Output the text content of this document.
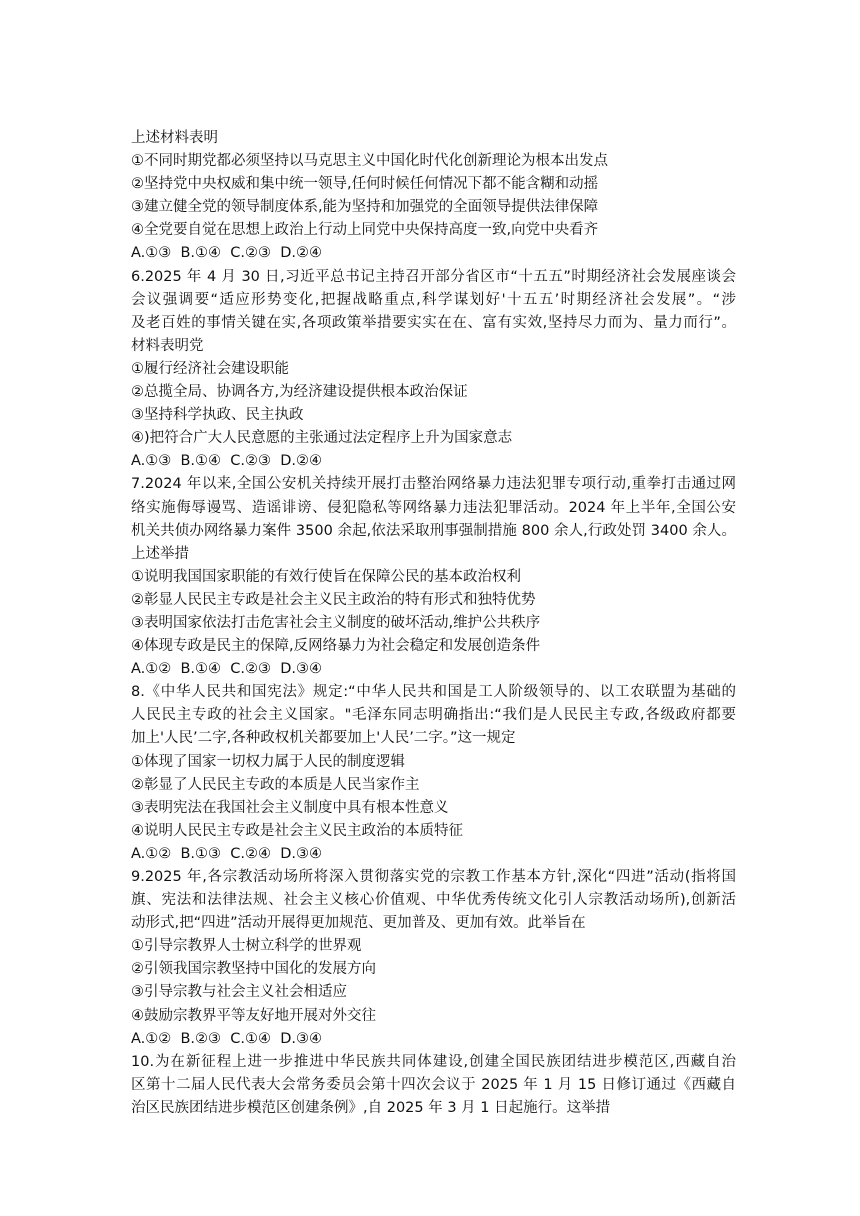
上述材料表明
①不同时期党都必须坚持以马克思主义中国化时代化创新理论为根本出发点
②坚持党中央权威和集中统一领导,任何时候任何情况下都不能含糊和动摇
③建立健全党的领导制度体系,能为坚持和加强党的全面领导提供法律保障
④全党要自觉在思想上政治上行动上同党中央保持高度一致,向党中央看齐
A.①③  B.①④  C.②③  D.②④
6.2025 年 4 月 30 日,习近平总书记主持召开部分省区市“十五五”时期经济社会发展座谈会
会议强调要“适应形势变化,把握战略重点,科学谋划好'十五五’时期经济社会发展”。“涉
及老百姓的事情关键在实,各项政策举措要实实在在、富有实效,坚持尽力而为、量力而行”。
材料表明党
①履行经济社会建设职能
②总揽全局、协调各方,为经济建设提供根本政治保证
③坚持科学执政、民主执政
④)把符合广大人民意愿的主张通过法定程序上升为国家意志
A.①③  B.①④  C.②③  D.②④
7.2024 年以来,全国公安机关持续开展打击整治网络暴力违法犯罪专项行动,重拳打击通过网
络实施侮辱谩骂、造谣诽谤、侵犯隐私等网络暴力违法犯罪活动。2024 年上半年,全国公安
机关共侦办网络暴力案件 3500 余起,依法采取刑事强制措施 800 余人,行政处罚 3400 余人。
上述举措
①说明我国国家职能的有效行使旨在保障公民的基本政治权利
②彰显人民民主专政是社会主义民主政治的特有形式和独特优势
③表明国家依法打击危害社会主义制度的破坏活动,维护公共秩序
④体现专政是民主的保障,反网络暴力为社会稳定和发展创造条件
A.①②  B.①④  C.②③  D.③④
8.《中华人民共和国宪法》规定:“中华人民共和国是工人阶级领导的、以工农联盟为基础的
人民民主专政的社会主义国家。"毛泽东同志明确指出:“我们是人民民主专政,各级政府都要
加上'人民’二字,各种政权机关都要加上'人民’二字。”这一规定
①体现了国家一切权力属于人民的制度逻辑
②彰显了人民民主专政的本质是人民当家作主
③表明宪法在我国社会主义制度中具有根本性意义
④说明人民民主专政是社会主义民主政治的本质特征
A.①②  B.①③  C.②④  D.③④
9.2025 年,各宗教活动场所将深入贯彻落实党的宗教工作基本方针,深化“四进”活动(指将国
旗、宪法和法律法规、社会主义核心价值观、中华优秀传统文化引人宗教活动场所),创新活
动形式,把“四进”活动开展得更加规范、更加普及、更加有效。此举旨在
①引导宗教界人士树立科学的世界观
②引领我国宗教坚持中国化的发展方向
③引导宗教与社会主义社会相适应
④鼓励宗教界平等友好地开展对外交往
A.①②  B.②③  C.①④  D.③④
10.为在新征程上进一步推进中华民族共同体建设,创建全国民族团结进步模范区,西藏自治
区第十二届人民代表大会常务委员会第十四次会议于 2025 年 1 月 15 日修订通过《西藏自
治区民族团结进步模范区创建条例》,自 2025 年 3 月 1 日起施行。这举措
